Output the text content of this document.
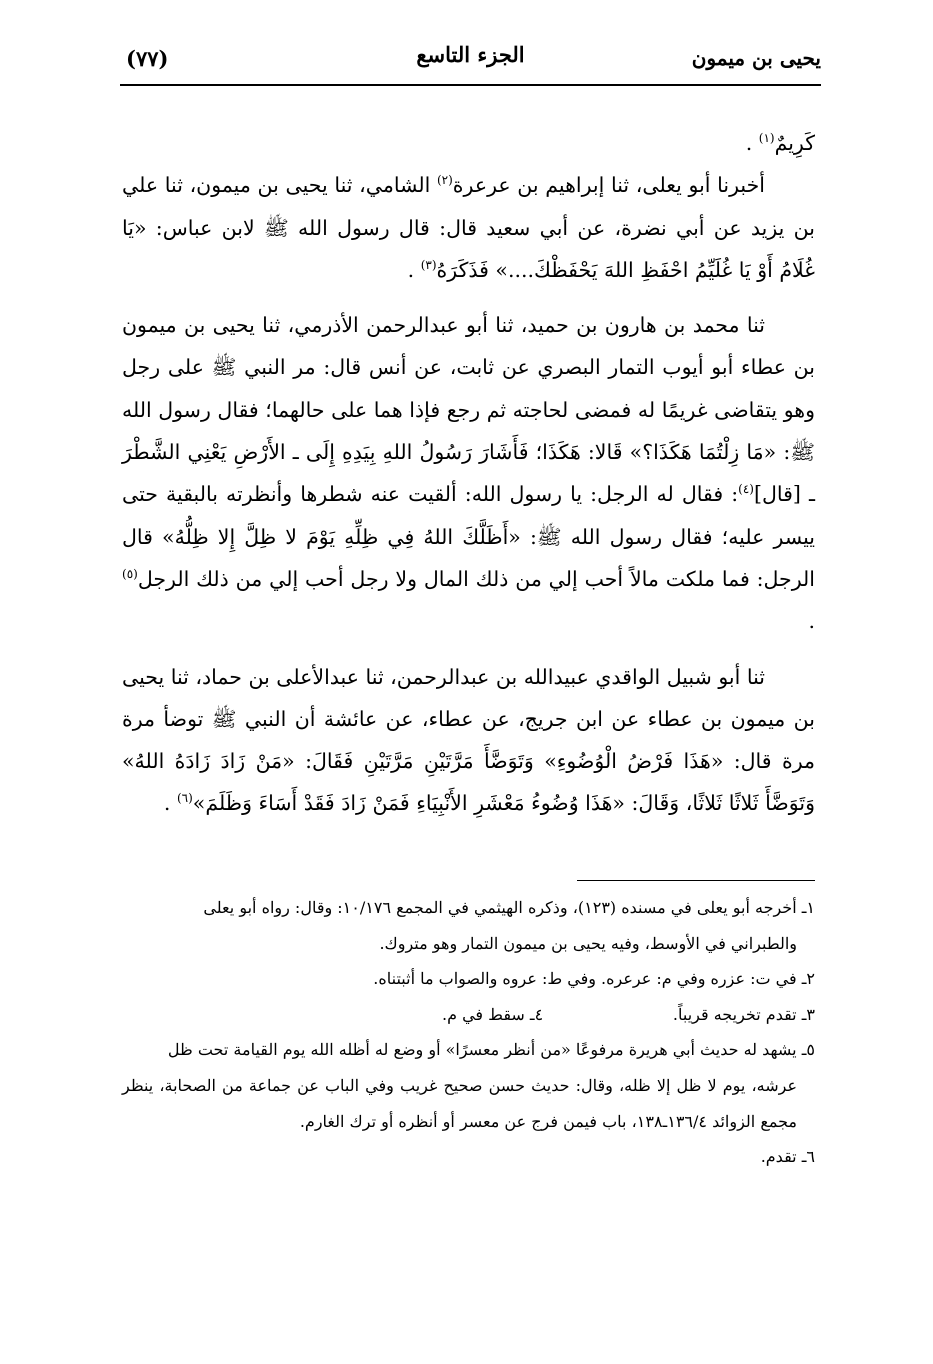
يحيى بن ميمون
الجزء التاسع
(٧٧)

كَرِيمٌ$^{(١)}$ .

أخبرنا أبو يعلى، ثنا إبراهيم بن عرعرة$^{(٢)}$ الشامي، ثنا يحيى بن ميمون، ثنا علي بن يزيد عن أبي نضرة، عن أبي سعيد قال: قال رسول الله ﷺ لابن عباس: «يَا غُلَامُ أَوْ يَا غُلَيِّمُ احْفَظِ اللهَ يَحْفَظْكَ....» فَذَكَرَهُ$^{(٣)}$ .

ثنا محمد بن هارون بن حميد، ثنا أبو عبدالرحمن الأذرمي، ثنا يحيى بن ميمون بن عطاء أبو أيوب التمار البصري عن ثابت، عن أنس قال: مر النبي ﷺ على رجل وهو يتقاضى غريمًا له فمضى لحاجته ثم رجع فإذا هما على حالهما؛ فقال رسول الله ﷺ: «مَا زِلْتُمَا هَكَذَا؟» قَالا: هَكَذَا؛ فَأَشَارَ رَسُولُ اللهِ بِيَدِهِ إِلَى ـ الأَرْضِ يَعْنِي الشَّطْرَ ـ [قال]$^{(٤)}$: فقال له الرجل: يا رسول الله: ألقيت عنه شطرها وأنظرته بالبقية حتى ييسر عليه؛ فقال رسول الله ﷺ: «أَظَلَّكَ اللهُ فِي ظِلِّهِ يَوْمَ لا ظِلَّ إِلا ظِلُّهُ» قال الرجل: فما ملكت مالاً أحب إلي من ذلك المال ولا رجل أحب إلي من ذلك الرجل$^{(٥)}$ .

ثنا أبو شبيل الواقدي عبيدالله بن عبدالرحمن، ثنا عبدالأعلى بن حماد، ثنا يحيى بن ميمون بن عطاء عن ابن جريج، عن عطاء، عن عائشة أن النبي ﷺ توضأ مرة مرة قال: «هَذَا فَرْضُ الْوُضُوءِ» وَتَوَضَّأَ مَرَّتَيْنِ مَرَّتَيْنِ فَقَالَ: «مَنْ زَادَ زَادَهُ اللهُ» وَتَوَضَّأَ ثَلاثًا ثَلاثًا، وَقَالَ: «هَذَا وُضُوءُ مَعْشَرِ الأَنْبِيَاءِ فَمَنْ زَادَ فَقَدْ أَسَاءَ وَظَلَمَ»$^{(٦)}$ .

١ـ أخرجه أبو يعلى في مسنده (١٢٣)، وذكره الهيثمي في المجمع ١٠/١٧٦: وقال: رواه أبو يعلى

والطبراني في الأوسط، وفيه يحيى بن ميمون التمار وهو متروك.

٢ـ في ت: عزره وفي م: عرعره. وفي ط: عروه والصواب ما أثبتناه.

٣ـ تقدم تخريجه قريباً.
٤ـ سقط في م.

٥ـ يشهد له حديث أبي هريرة مرفوعًا «من أنظر معسرًا» أو وضع له أظله الله يوم القيامة تحت ظل

عرشه، يوم لا ظل إلا ظله، وقال: حديث حسن صحيح غريب وفي الباب عن جماعة من الصحابة، ينظر مجمع الزوائد ١٣٦/٤ـ١٣٨، باب فيمن فرج عن معسر أو أنظره أو ترك الغارم.

٦ـ تقدم.
